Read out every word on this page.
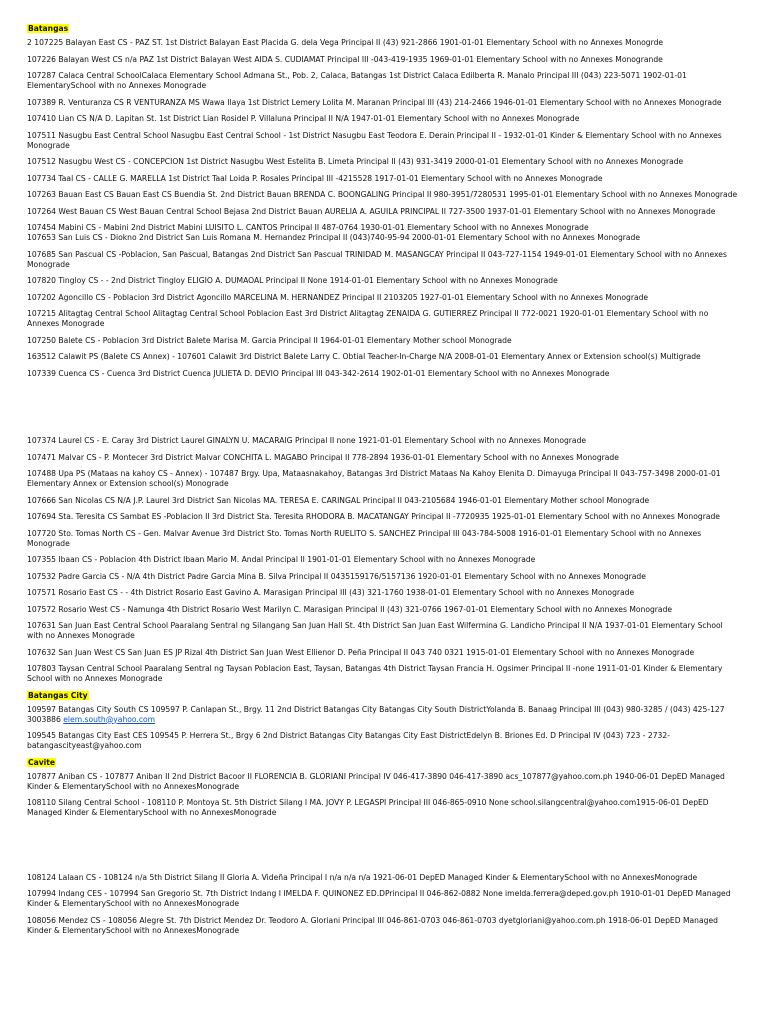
Batangas
2 107225 Balayan East CS - PAZ ST. 1st District Balayan East Placida G. dela Vega Principal II (43) 921-2866 1901-01-01 Elementary School with no Annexes Monogrde
107226 Balayan West CS n/a PAZ 1st District Balayan West AIDA S. CUDIAMAT Principal III -043-419-1935 1969-01-01 Elementary School with no Annexes Monogrande
107287 Calaca Central SchoolCalaca Elementary School Admana St., Pob. 2, Calaca, Batangas 1st District Calaca Edilberta R. Manalo Principal III (043) 223-5071 1902-01-01 ElementarySchool with no Annexes Monograde
107389 R. Venturanza CS R VENTURANZA MS Wawa Ilaya 1st District Lemery Lolita M. Maranan Principal III (43) 214-2466 1946-01-01 Elementary School with no Annexes Monograde
107410 Lian CS N/A D. Lapitan St. 1st District Lian Rosidel P. Villaluna Principal II N/A 1947-01-01 Elementary School with no Annexes Monograde
107511 Nasugbu East Central School Nasugbu East Central School - 1st District Nasugbu East Teodora E. Derain Principal II - 1932-01-01 Kinder & Elementary School with no Annexes Monograde
107512 Nasugbu West CS - CONCEPCION 1st District Nasugbu West Estelita B. Limeta Principal II (43) 931-3419 2000-01-01 Elementary School with no Annexes Monograde
107734 Taal CS - CALLE G. MARELLA 1st District Taal Loida P. Rosales Principal III -4215528 1917-01-01 Elementary School with no Annexes Monograde
107263 Bauan East CS Bauan East CS Buendia St. 2nd District Bauan BRENDA C. BOONGALING Principal II 980-3951/7280531 1995-01-01 Elementary School with no Annexes Monograde
107264 West Bauan CS West Bauan Central School Bejasa 2nd District Bauan AURELIA A. AGUILA PRINCIPAL II 727-3500 1937-01-01 Elementary School with no Annexes Monograde
107454 Mabini CS - Mabini 2nd District Mabini LUISITO L. CANTOS Principal II 487-0764 1930-01-01 Elementary School with no Annexes Monograde
107653 San Luis CS - Diokno 2nd District San Luis Romana M. Hernandez Principal II (043)740-95-94 2000-01-01 Elementary School with no Annexes Monograde
107685 San Pascual CS -Poblacion, San Pascual, Batangas 2nd District San Pascual TRINIDAD M. MASANGCAY Principal II 043-727-1154 1949-01-01 Elementary School with no Annexes Monograde
107820 Tingloy CS - - 2nd District Tingloy ELIGIO A. DUMAOAL Principal II None 1914-01-01 Elementary School with no Annexes Monograde
107202 Agoncillo CS - Poblacion 3rd District Agoncillo MARCELINA M. HERNANDEZ Principal II 2103205 1927-01-01 Elementary School with no Annexes Monograde
107215 Alitagtag Central School Alitagtag Central School Poblacion East 3rd District Alitagtag ZENAIDA G. GUTIERREZ Principal II 772-0021 1920-01-01 Elementary School with no Annexes Monograde
107250 Balete CS - Poblacion 3rd District Balete Marisa M. Garcia Principal II 1964-01-01 Elementary Mother school Monograde
163512 Calawit PS (Balete CS Annex) - 107601 Calawit 3rd District Balete Larry C. Obtial Teacher-In-Charge N/A 2008-01-01 Elementary Annex or Extension school(s) Multigrade
107339 Cuenca CS - Cuenca 3rd District Cuenca JULIETA D. DEVIO Principal III 043-342-2614 1902-01-01 Elementary School with no Annexes Monograde
107374 Laurel CS - E. Caray 3rd District Laurel GINALYN U. MACARAIG Principal II none 1921-01-01 Elementary School with no Annexes Monograde
107471 Malvar CS - P. Montecer 3rd District Malvar CONCHITA L. MAGABO Principal II 778-2894 1936-01-01 Elementary School with no Annexes Monograde
107488 Upa PS (Mataas na kahoy CS - Annex) - 107487 Brgy. Upa, Mataasnakahoy, Batangas 3rd District Mataas Na Kahoy Elenita D. Dimayuga Principal II 043-757-3498 2000-01-01 Elementary Annex or Extension school(s) Monograde
107666 San Nicolas CS N/A J.P. Laurel 3rd District San Nicolas MA. TERESA E. CARINGAL Principal II 043-2105684 1946-01-01 Elementary Mother school Monograde
107694 Sta. Teresita CS Sambat ES -Poblacion II 3rd District Sta. Teresita RHODORA B. MACATANGAY Principal II -7720935 1925-01-01 Elementary School with no Annexes Monograde
107720 Sto. Tomas North CS - Gen. Malvar Avenue 3rd District Sto. Tomas North RUELITO S. SANCHEZ Principal III 043-784-5008 1916-01-01 Elementary School with no Annexes Monograde
107355 Ibaan CS - Poblacion 4th District Ibaan Mario M. Andal Principal II 1901-01-01 Elementary School with no Annexes Monograde
107532 Padre Garcia CS - N/A 4th District Padre Garcia Mina B. Silva Principal II 0435159176/5157136 1920-01-01 Elementary School with no Annexes Monograde
107571 Rosario East CS - - 4th District Rosario East Gavino A. Marasigan Principal III (43) 321-1760 1938-01-01 Elementary School with no Annexes Monograde
107572 Rosario West CS - Namunga 4th District Rosario West Marilyn C. Marasigan Principal II (43) 321-0766 1967-01-01 Elementary School with no Annexes Monograde
107631 San Juan East Central School Paaralang Sentral ng Silangang San Juan Hall St. 4th District San Juan East Wilfermina G. Landicho Principal II N/A 1937-01-01 Elementary School with no Annexes Monograde
107632 San Juan West CS San Juan ES JP Rizal 4th District San Juan West Ellienor D. Peña Principal II 043 740 0321 1915-01-01 Elementary School with no Annexes Monograde
107803 Taysan Central School Paaralang Sentral ng Taysan Poblacion East, Taysan, Batangas 4th District Taysan Francia H. Ogsimer Principal II -none 1911-01-01 Kinder & Elementary School with no Annexes Monograde
Batangas City
109597 Batangas City South CS 109597 P. Canlapan St., Brgy. 11 2nd District Batangas City Batangas City South DistrictYolanda B. Banaag Principal III (043) 980-3285 / (043) 425-127 3003886 elem.south@yahoo.com
109545 Batangas City East CES 109545 P. Herrera St., Brgy 6 2nd District Batangas City Batangas City East DistrictEdelyn B. Briones Ed. D Principal IV (043) 723 - 2732-batangascityeast@yahoo.com
Cavite
107877 Aniban CS - 107877 Aniban II 2nd District Bacoor II FLORENCIA B. GLORIANI Principal IV 046-417-3890 046-417-3890 acs_107877@yahoo.com.ph 1940-06-01 DepED Managed Kinder & ElementarySchool with no AnnexesMonograde
108110 Silang Central School - 108110 P. Montoya St. 5th District Silang I MA. JOVY P. LEGASPI Principal III 046-865-0910 None school.silangcentral@yahoo.com1915-06-01 DepED Managed Kinder & ElementarySchool with no AnnexesMonograde
108124 Lalaan CS - 108124 n/a 5th District Silang II Gloria A. Videña Principal I n/a n/a n/a 1921-06-01 DepED Managed Kinder & ElementarySchool with no AnnexesMonograde
107994 Indang CES - 107994 San Gregorio St. 7th District Indang I IMELDA F. QUINONEZ ED.DPrincipal II 046-862-0882 None imelda.ferrera@deped.gov.ph 1910-01-01 DepED Managed Kinder & ElementarySchool with no AnnexesMonograde
108056 Mendez CS - 108056 Alegre St. 7th District Mendez Dr. Teodoro A. Gloriani Principal III 046-861-0703 046-861-0703 dyetgloriani@yahoo.com.ph 1918-06-01 DepED Managed Kinder & ElementarySchool with no AnnexesMonograde
